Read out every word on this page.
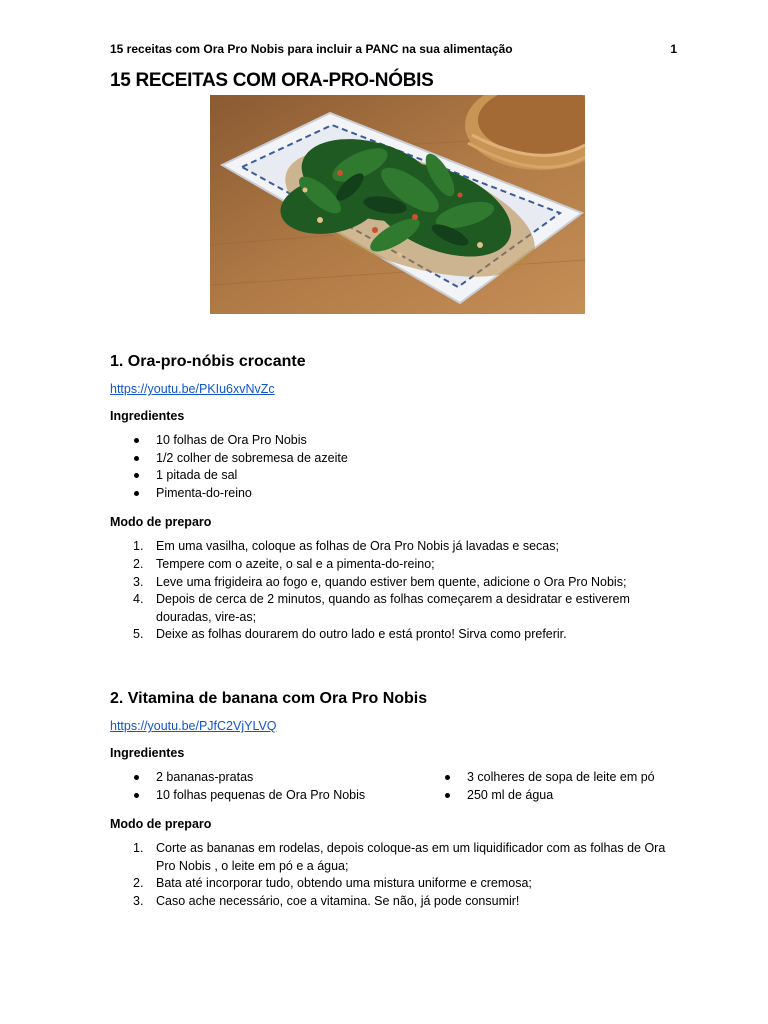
15 receitas com Ora Pro Nobis para incluir a PANC na sua alimentação	1
15 RECEITAS COM ORA-PRO-NÓBIS
1. Ora-pro-nóbis crocante
https://youtu.be/PKIu6xvNvZc
Ingredientes
10 folhas de Ora Pro Nobis
1/2 colher de sobremesa de azeite
1 pitada de sal
Pimenta-do-reino
Modo de preparo
1.	Em uma vasilha, coloque as folhas de Ora Pro Nobis já lavadas e secas;
2.	Tempere com o azeite, o sal e a pimenta-do-reino;
3.	Leve uma frigideira ao fogo e, quando estiver bem quente, adicione o Ora Pro Nobis;
4.	Depois de cerca de 2 minutos, quando as folhas começarem a desidratar e estiverem douradas, vire-as;
5.	Deixe as folhas dourarem do outro lado e está pronto! Sirva como preferir.
2. Vitamina de banana com Ora Pro Nobis
https://youtu.be/PJfC2VjYLVQ
Ingredientes
2 bananas-pratas
10 folhas pequenas de Ora Pro Nobis
3 colheres de sopa de leite em pó
250 ml de água
Modo de preparo
1.	Corte as bananas em rodelas, depois coloque-as em um liquidificador com as folhas de Ora Pro Nobis , o leite em pó e a água;
2.	Bata até incorporar tudo, obtendo uma mistura uniforme e cremosa;
3.	Caso ache necessário, coe a vitamina. Se não, já pode consumir!
